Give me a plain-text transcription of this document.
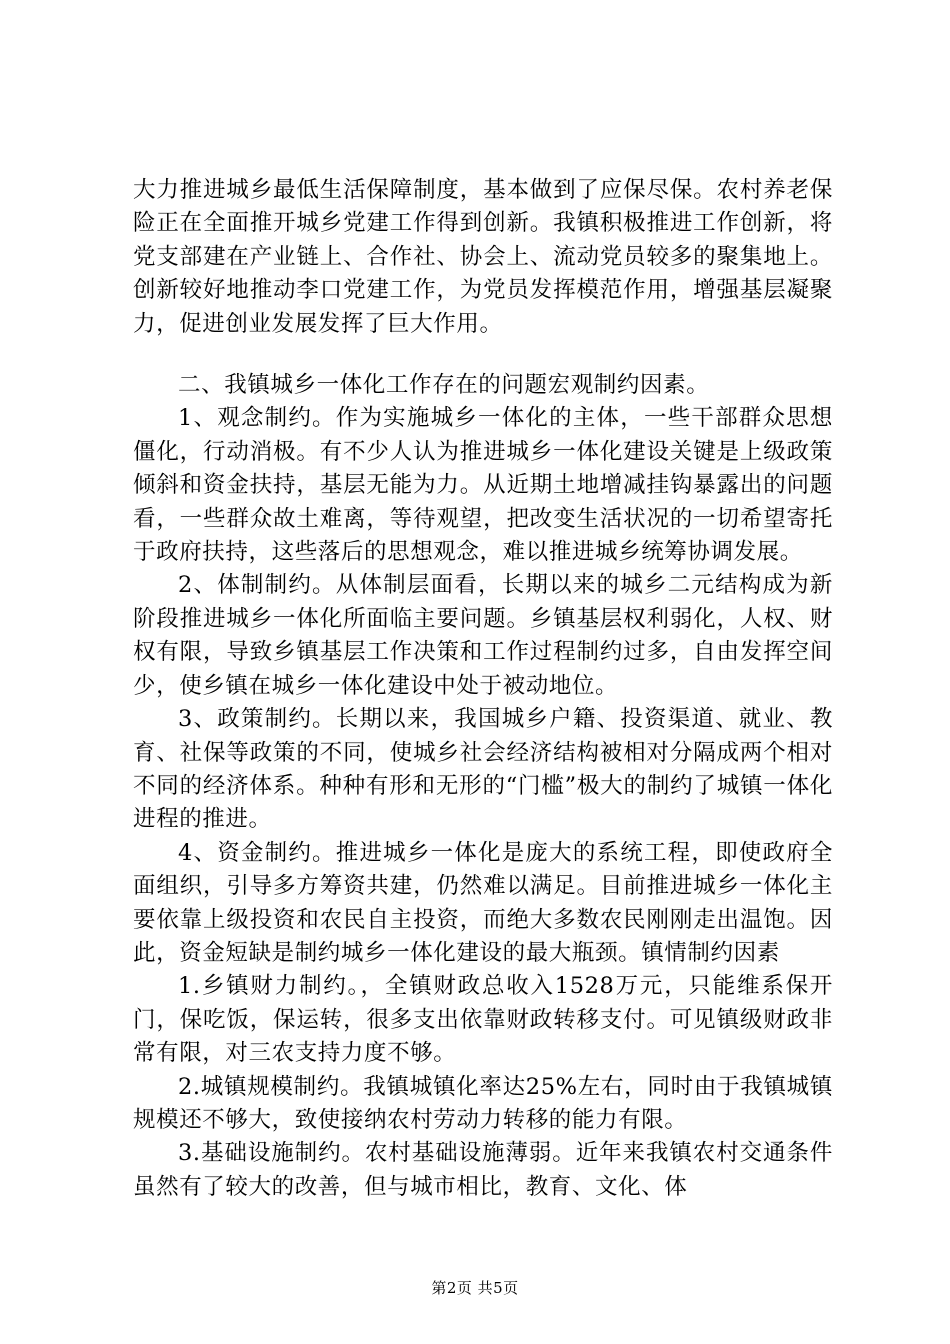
大力推进城乡最低生活保障制度，基本做到了应保尽保。农村养老保险正在全面推开城乡党建工作得到创新。我镇积极推进工作创新，将党支部建在产业链上、合作社、协会上、流动党员较多的聚集地上。创新较好地推动李口党建工作，为党员发挥模范作用，增强基层凝聚力，促进创业发展发挥了巨大作用。

二、我镇城乡一体化工作存在的问题宏观制约因素。

1、观念制约。作为实施城乡一体化的主体，一些干部群众思想僵化，行动消极。有不少人认为推进城乡一体化建设关键是上级政策倾斜和资金扶持，基层无能为力。从近期土地增减挂钩暴露出的问题看，一些群众故土难离，等待观望，把改变生活状况的一切希望寄托于政府扶持，这些落后的思想观念，难以推进城乡统筹协调发展。

2、体制制约。从体制层面看，长期以来的城乡二元结构成为新阶段推进城乡一体化所面临主要问题。乡镇基层权利弱化，人权、财权有限，导致乡镇基层工作决策和工作过程制约过多，自由发挥空间少，使乡镇在城乡一体化建设中处于被动地位。

3、政策制约。长期以来，我国城乡户籍、投资渠道、就业、教育、社保等政策的不同，使城乡社会经济结构被相对分隔成两个相对不同的经济体系。种种有形和无形的“门槛”极大的制约了城镇一体化进程的推进。

4、资金制约。推进城乡一体化是庞大的系统工程，即使政府全面组织，引导多方筹资共建，仍然难以满足。目前推进城乡一体化主要依靠上级投资和农民自主投资，而绝大多数农民刚刚走出温饱。因此，资金短缺是制约城乡一体化建设的最大瓶颈。镇情制约因素

1.乡镇财力制约。，全镇财政总收入1528万元，只能维系保开门，保吃饭，保运转，很多支出依靠财政转移支付。可见镇级财政非常有限，对三农支持力度不够。

2.城镇规模制约。我镇城镇化率达25%左右，同时由于我镇城镇规模还不够大，致使接纳农村劳动力转移的能力有限。

3.基础设施制约。农村基础设施薄弱。近年来我镇农村交通条件虽然有了较大的改善，但与城市相比，教育、文化、体

第2页 共5页
